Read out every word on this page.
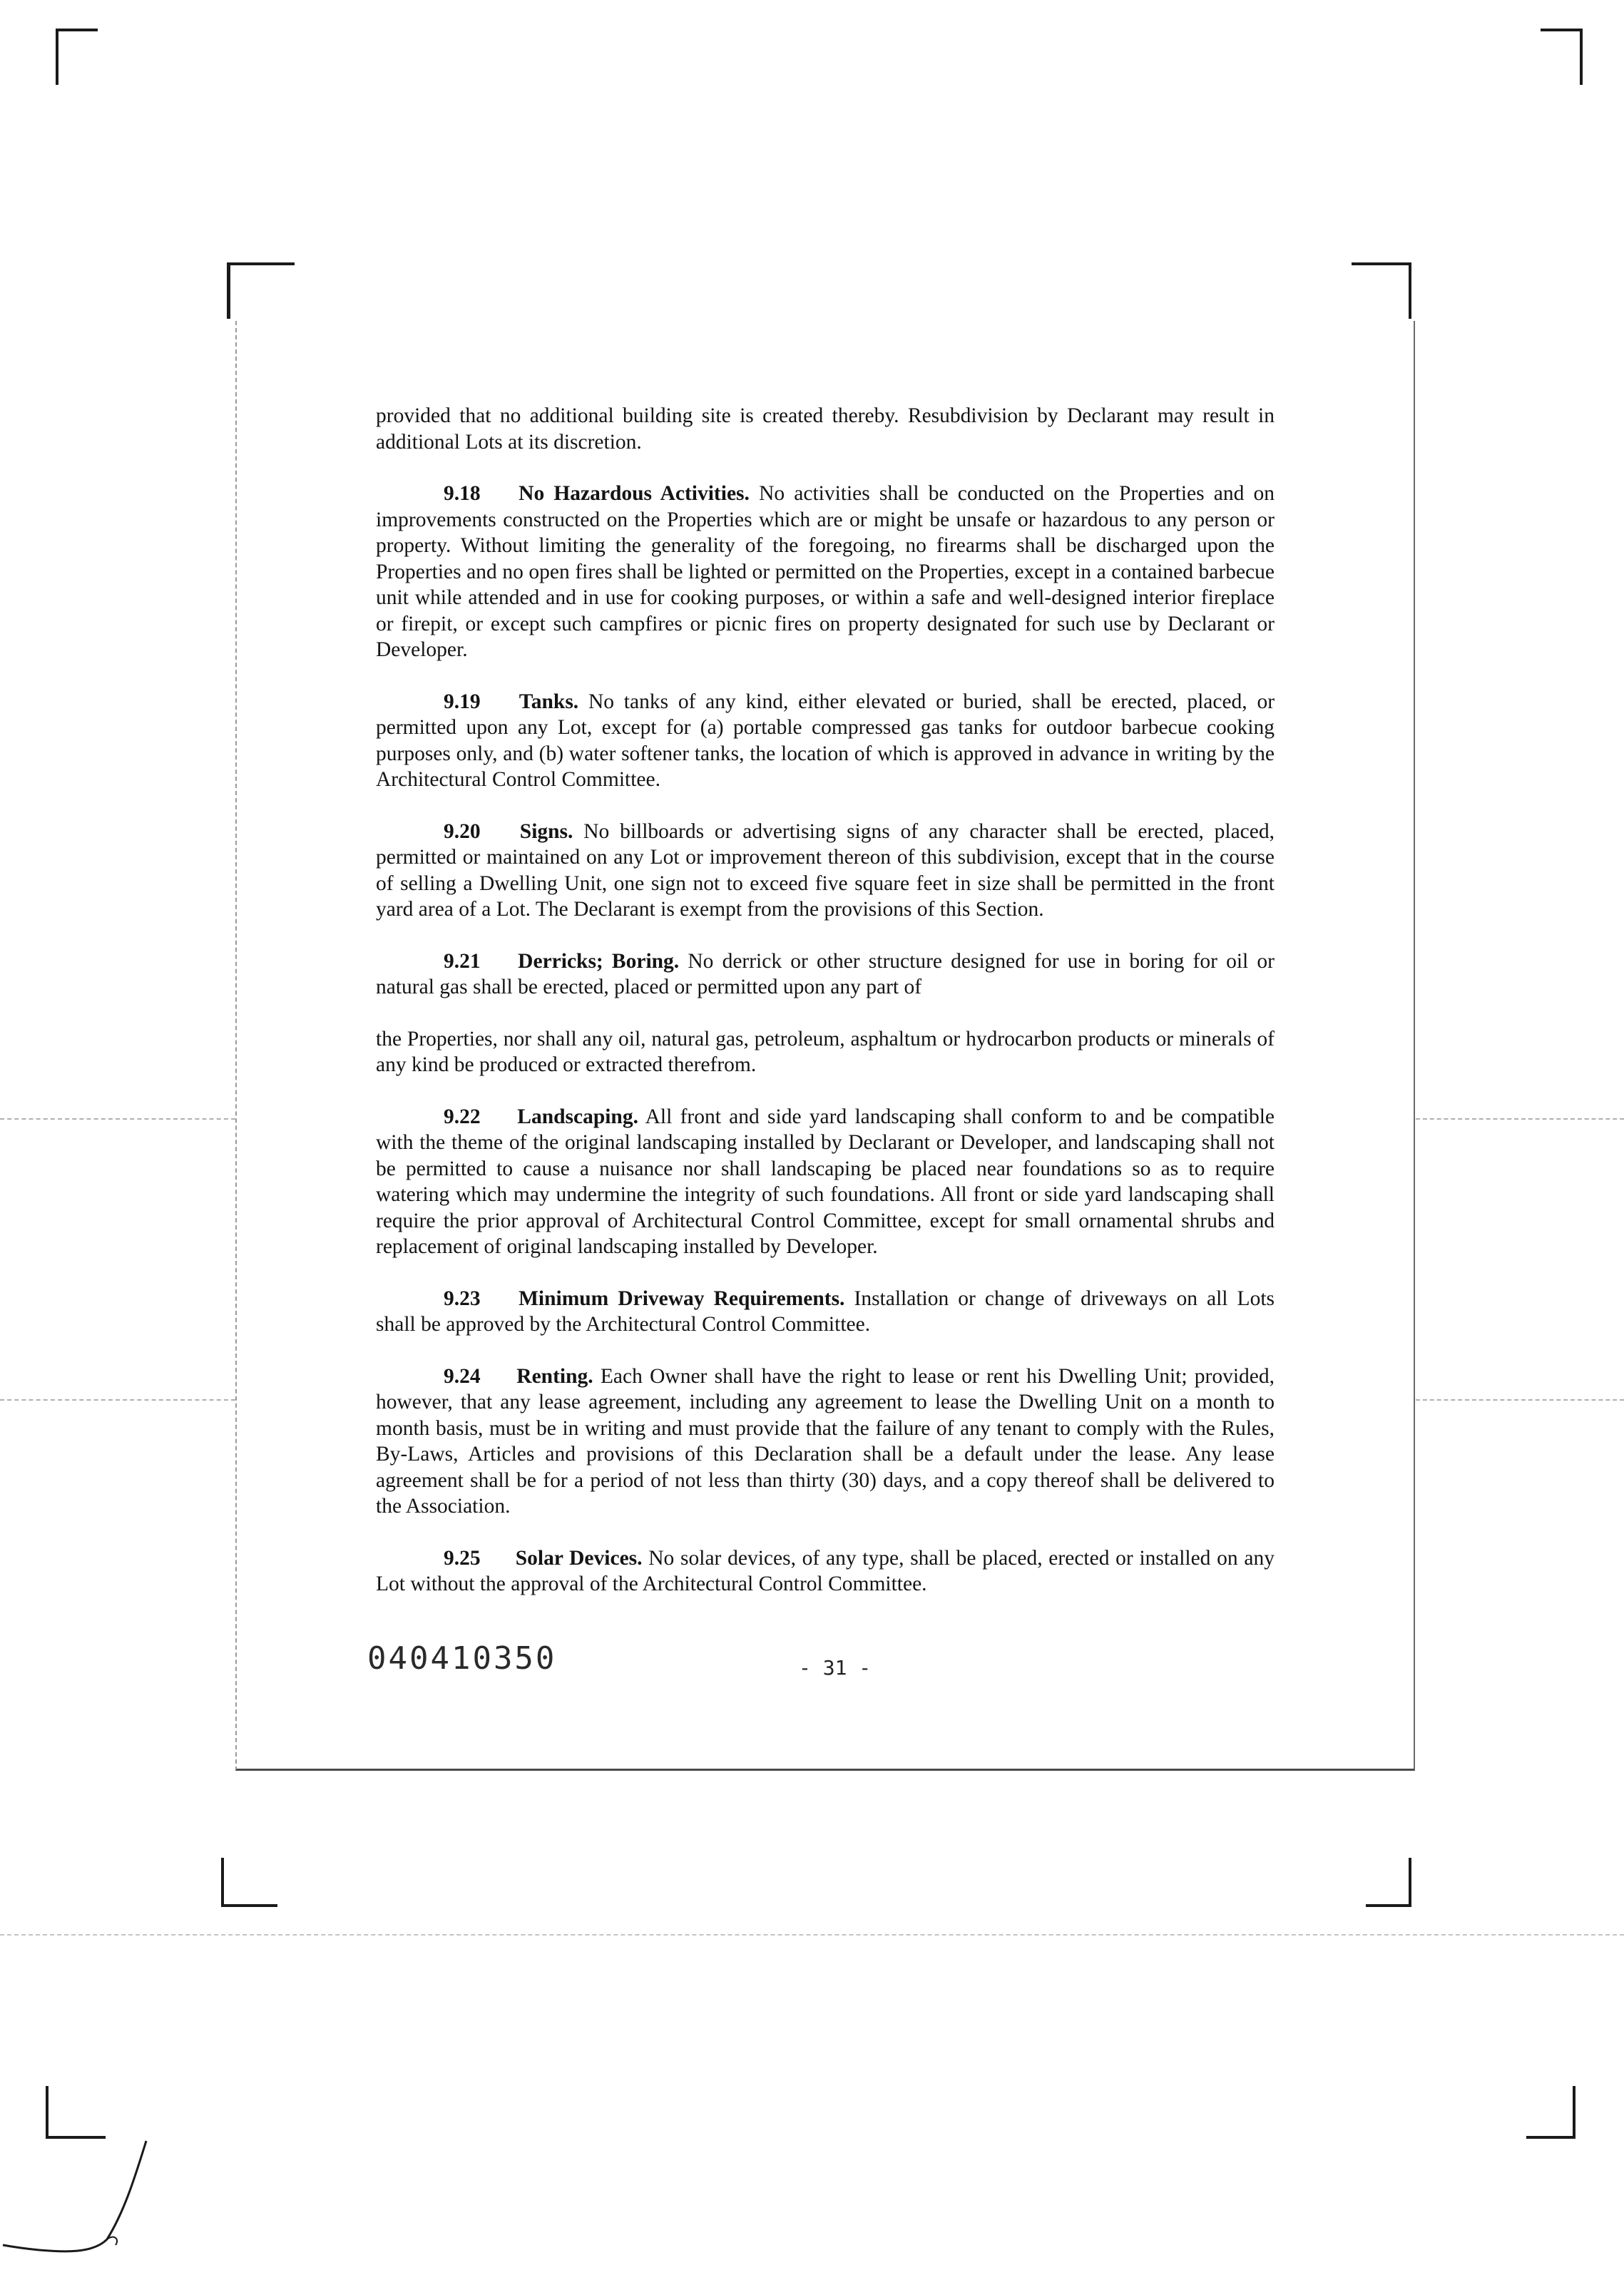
provided that no additional building site is created thereby. Resubdivision by Declarant may result in additional Lots at its discretion.

9.18 No Hazardous Activities. No activities shall be conducted on the Properties and on improvements constructed on the Properties which are or might be unsafe or hazardous to any person or property. Without limiting the generality of the foregoing, no firearms shall be discharged upon the Properties and no open fires shall be lighted or permitted on the Properties, except in a contained barbecue unit while attended and in use for cooking purposes, or within a safe and well-designed interior fireplace or firepit, or except such campfires or picnic fires on property designated for such use by Declarant or Developer.

9.19 Tanks. No tanks of any kind, either elevated or buried, shall be erected, placed, or permitted upon any Lot, except for (a) portable compressed gas tanks for outdoor barbecue cooking purposes only, and (b) water softener tanks, the location of which is approved in advance in writing by the Architectural Control Committee.

9.20 Signs. No billboards or advertising signs of any character shall be erected, placed, permitted or maintained on any Lot or improvement thereon of this subdivision, except that in the course of selling a Dwelling Unit, one sign not to exceed five square feet in size shall be permitted in the front yard area of a Lot. The Declarant is exempt from the provisions of this Section.

9.21 Derricks; Boring. No derrick or other structure designed for use in boring for oil or natural gas shall be erected, placed or permitted upon any part of

the Properties, nor shall any oil, natural gas, petroleum, asphaltum or hydrocarbon products or minerals of any kind be produced or extracted therefrom.

9.22 Landscaping. All front and side yard landscaping shall conform to and be compatible with the theme of the original landscaping installed by Declarant or Developer, and landscaping shall not be permitted to cause a nuisance nor shall landscaping be placed near foundations so as to require watering which may undermine the integrity of such foundations. All front or side yard landscaping shall require the prior approval of Architectural Control Committee, except for small ornamental shrubs and replacement of original landscaping installed by Developer.

9.23 Minimum Driveway Requirements. Installation or change of driveways on all Lots shall be approved by the Architectural Control Committee.

9.24 Renting. Each Owner shall have the right to lease or rent his Dwelling Unit; provided, however, that any lease agreement, including any agreement to lease the Dwelling Unit on a month to month basis, must be in writing and must provide that the failure of any tenant to comply with the Rules, By-Laws, Articles and provisions of this Declaration shall be a default under the lease. Any lease agreement shall be for a period of not less than thirty (30) days, and a copy thereof shall be delivered to the Association.

9.25 Solar Devices. No solar devices, of any type, shall be placed, erected or installed on any Lot without the approval of the Architectural Control Committee.

040410350	- 31 -
